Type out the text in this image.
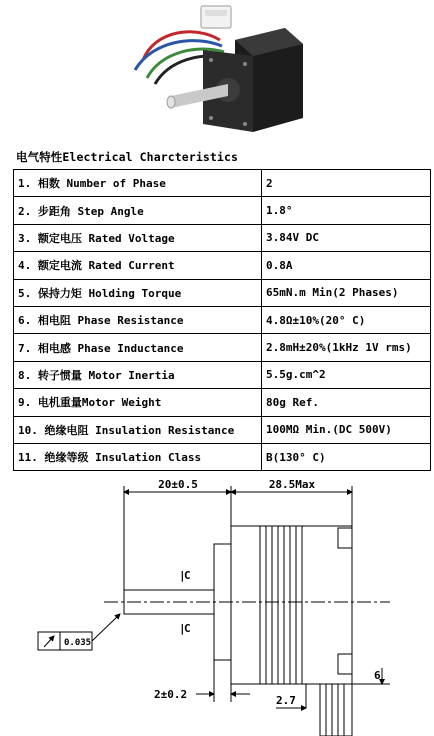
电气特性Electrical Charcteristics
1. 相数 Number of Phase	2
2. 步距角 Step Angle	1.8°
3. 额定电压 Rated Voltage	3.84V DC
4. 额定电流 Rated Current	0.8A
5. 保持力矩 Holding Torque	65mN.m Min(2 Phases)
6. 相电阻 Phase Resistance	4.8Ω±10%(20° C)
7. 相电感 Phase Inductance	2.8mH±20%(1kHz 1V rms)
8. 转子惯量 Motor Inertia	5.5g.cm^2
9. 电机重量Motor Weight	80g Ref.
10. 绝缘电阻 Insulation Resistance	100MΩ Min.(DC 500V)
11. 绝缘等级 Insulation Class	B(130° C)
20±0.5	28.5Max
C
C
|
|
0.035
2±0.2	2.7
6
